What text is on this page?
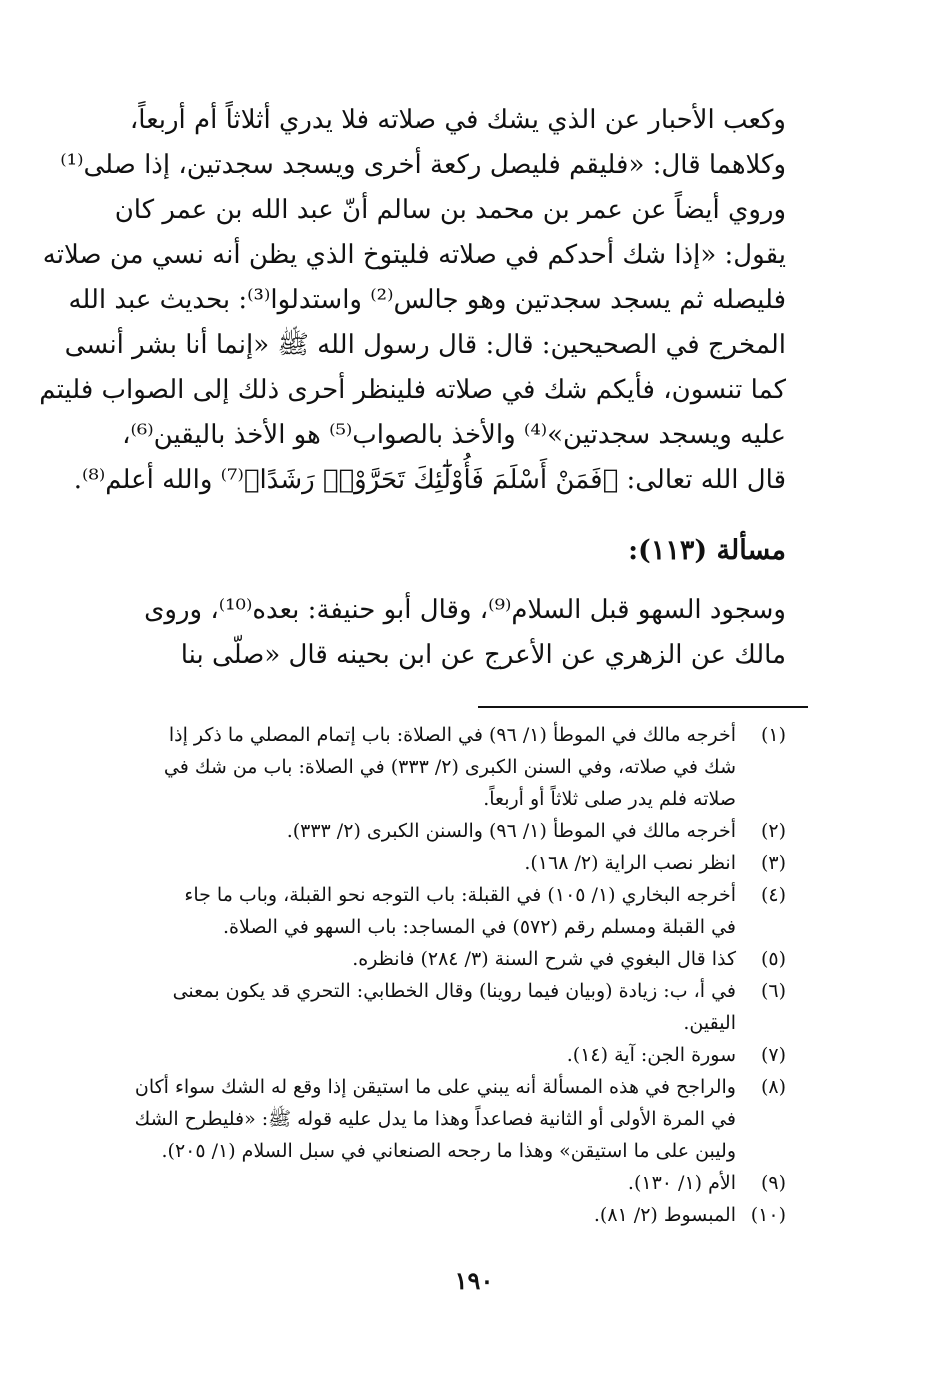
وكعب الأحبار عن الذي يشك في صلاته فلا يدري أثلاثاً أم أربعاً،
وكلاهما قال: «فليقم فليصل ركعة أخرى ويسجد سجدتين، إذا صلى⁽¹⁾
وروي أيضاً عن عمر بن محمد بن سالم أنّ عبد الله بن عمر كان
يقول: «إذا شك أحدكم في صلاته فليتوخ الذي يظن أنه نسي من صلاته
فليصله ثم يسجد سجدتين وهو جالس⁽²⁾ واستدلوا⁽³⁾: بحديث عبد الله
المخرج في الصحيحين: قال: قال رسول الله ﷺ «إنما أنا بشر أنسى
كما تنسون، فأيكم شك في صلاته فلينظر أحرى ذلك إلى الصواب فليتم
عليه ويسجد سجدتين»⁽⁴⁾ والأخذ بالصواب⁽⁵⁾ هو الأخذ باليقين⁽⁶⁾،
قال الله تعالى: ﴿فَمَنْ أَسْلَمَ فَأُوْلَٰٓئِكَ تَحَرَّوْا۟ رَشَدًا﴾⁽⁷⁾ والله أعلم⁽⁸⁾.
مسألة (١١٣):
وسجود السهو قبل السلام⁽⁹⁾، وقال أبو حنيفة: بعده⁽¹⁰⁾، وروى
مالك عن الزهري عن الأعرج عن ابن بحينه قال «صلّى بنا
(١)
أخرجه مالك في الموطأ (١/ ٩٦) في الصلاة: باب إتمام المصلي ما ذكر إذا
شك في صلاته، وفي السنن الكبرى (٢/ ٣٣٣) في الصلاة: باب من شك في
صلاته فلم يدر صلى ثلاثاً أو أربعاً.
(٢)
أخرجه مالك في الموطأ (١/ ٩٦) والسنن الكبرى (٢/ ٣٣٣).
(٣)
انظر نصب الراية (٢/ ١٦٨).
(٤)
أخرجه البخاري (١/ ١٠٥) في القبلة: باب التوجه نحو القبلة، وباب ما جاء
في القبلة ومسلم رقم (٥٧٢) في المساجد: باب السهو في الصلاة.
(٥)
كذا قال البغوي في شرح السنة (٣/ ٢٨٤) فانظره.
(٦)
في أ، ب: زيادة (وبيان فيما روينا) وقال الخطابي: التحري قد يكون بمعنى
اليقين.
(٧)
سورة الجن: آية (١٤).
(٨)
والراجح في هذه المسألة أنه يبني على ما استيقن إذا وقع له الشك سواء أكان
في المرة الأولى أو الثانية فصاعداً وهذا ما يدل عليه قوله ﷺ: «فليطرح الشك
وليبن على ما استيقن» وهذا ما رجحه الصنعاني في سبل السلام (١/ ٢٠٥).
(٩)
الأم (١/ ١٣٠).
(١٠)
المبسوط (٢/ ٨١).
١٩٠
